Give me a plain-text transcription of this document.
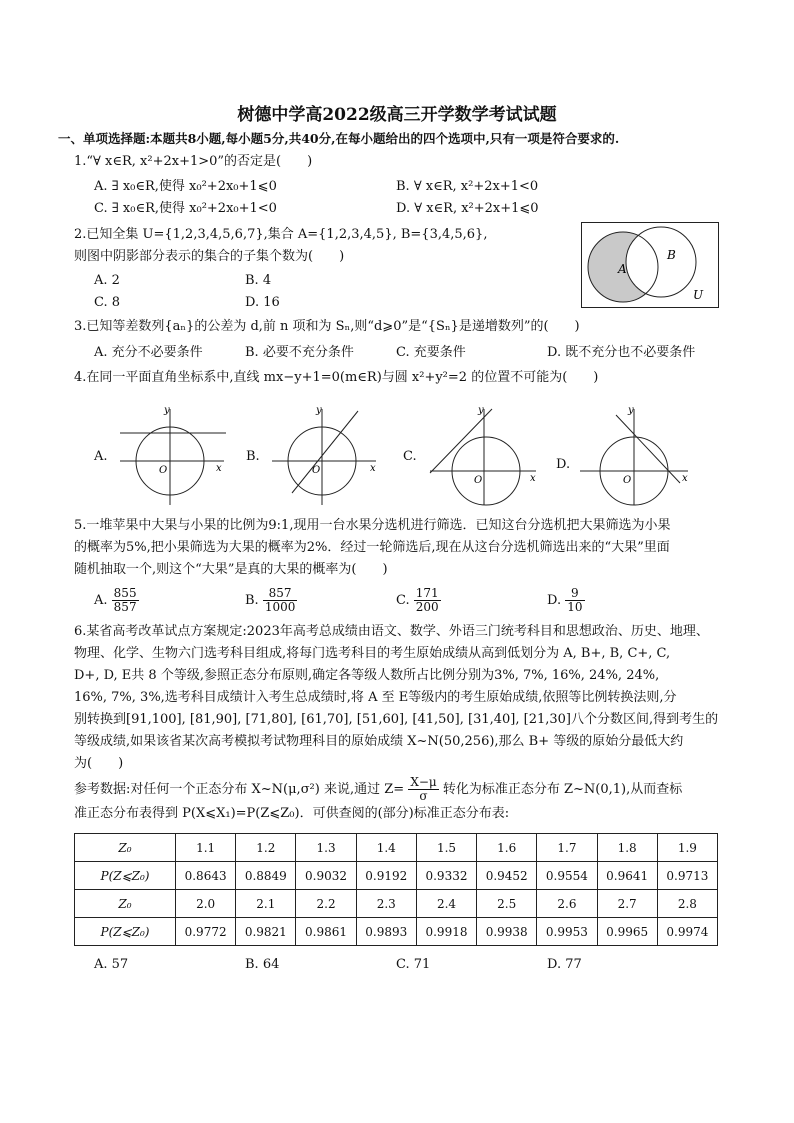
树德中学高2022级高三开学数学考试试题
一、单项选择题:本题共8小题,每小题5分,共40分,在每小题给出的四个选项中,只有一项是符合要求的.
1.“∀ x∈R, x²+2x+1>0”的否定是(　　)
A. ∃ x₀∈R,使得 x₀²+2x₀+1⩽0	B. ∀ x∈R, x²+2x+1<0
C. ∃ x₀∈R,使得 x₀²+2x₀+1<0	D. ∀ x∈R, x²+2x+1⩽0
2.已知全集 U={1,2,3,4,5,6,7},集合 A={1,2,3,4,5}, B={3,4,5,6},
则图中阴影部分表示的集合的子集个数为(　　)
A. 2	B. 4
C. 8	D. 16
A
B
U
3.已知等差数列{aₙ}的公差为 d,前 n 项和为 Sₙ,则“d⩾0”是“{Sₙ}是递增数列”的(　　)
A. 充分不必要条件	B. 必要不充分条件	C. 充要条件	D. 既不充分也不必要条件
4.在同一平面直角坐标系中,直线 mx−y+1=0(m∈R)与圆 x²+y²=2 的位置不可能为(　　)
A.
y
x
O
B.
y
x
O
C.
y
x
O
D.
y
x
O
5.一堆苹果中大果与小果的比例为9:1,现用一台水果分选机进行筛选．已知这台分选机把大果筛选为小果
的概率为5%,把小果筛选为大果的概率为2%．经过一轮筛选后,现在从这台分选机筛选出来的“大果”里面
随机抽取一个,则这个“大果”是真的大果的概率为(　　)
A. $\frac{855}{857}$	B. $\frac{857}{1000}$	C. $\frac{171}{200}$	D. $\frac{9}{10}$
6.某省高考改革试点方案规定:2023年高考总成绩由语文、数学、外语三门统考科目和思想政治、历史、地理、
物理、化学、生物六门选考科目组成,将每门选考科目的考生原始成绩从高到低划分为 A, B+, B, C+, C,
D+, D, E共 8 个等级,参照正态分布原则,确定各等级人数所占比例分别为3%, 7%, 16%, 24%, 24%,
16%, 7%, 3%,选考科目成绩计入考生总成绩时,将 A 至 E等级内的考生原始成绩,依照等比例转换法则,分
别转换到[91,100], [81,90], [71,80], [61,70], [51,60], [41,50], [31,40], [21,30]八个分数区间,得到考生的
等级成绩,如果该省某次高考模拟考试物理科目的原始成绩 X~N(50,256),那么 B+ 等级的原始分最低大约
为(　　)
参考数据:对任何一个正态分布 X~N(μ,σ²) 来说,通过 $Z= \frac{X-\mu}{\sigma}$ 转化为标准正态分布 Z~N(0,1),从而查标
准正态分布表得到 P(X⩽X₁)=P(Z⩽Z₀)．可供查阅的(部分)标准正态分布表:
Z₀	1.1	1.2	1.3	1.4	1.5	1.6	1.7	1.8	1.9
P(Z⩽Z₀)	0.8643	0.8849	0.9032	0.9192	0.9332	0.9452	0.9554	0.9641	0.9713
Z₀	2.0	2.1	2.2	2.3	2.4	2.5	2.6	2.7	2.8
P(Z⩽Z₀)	0.9772	0.9821	0.9861	0.9893	0.9918	0.9938	0.9953	0.9965	0.9974
A. 57	B. 64	C. 71	D. 77
